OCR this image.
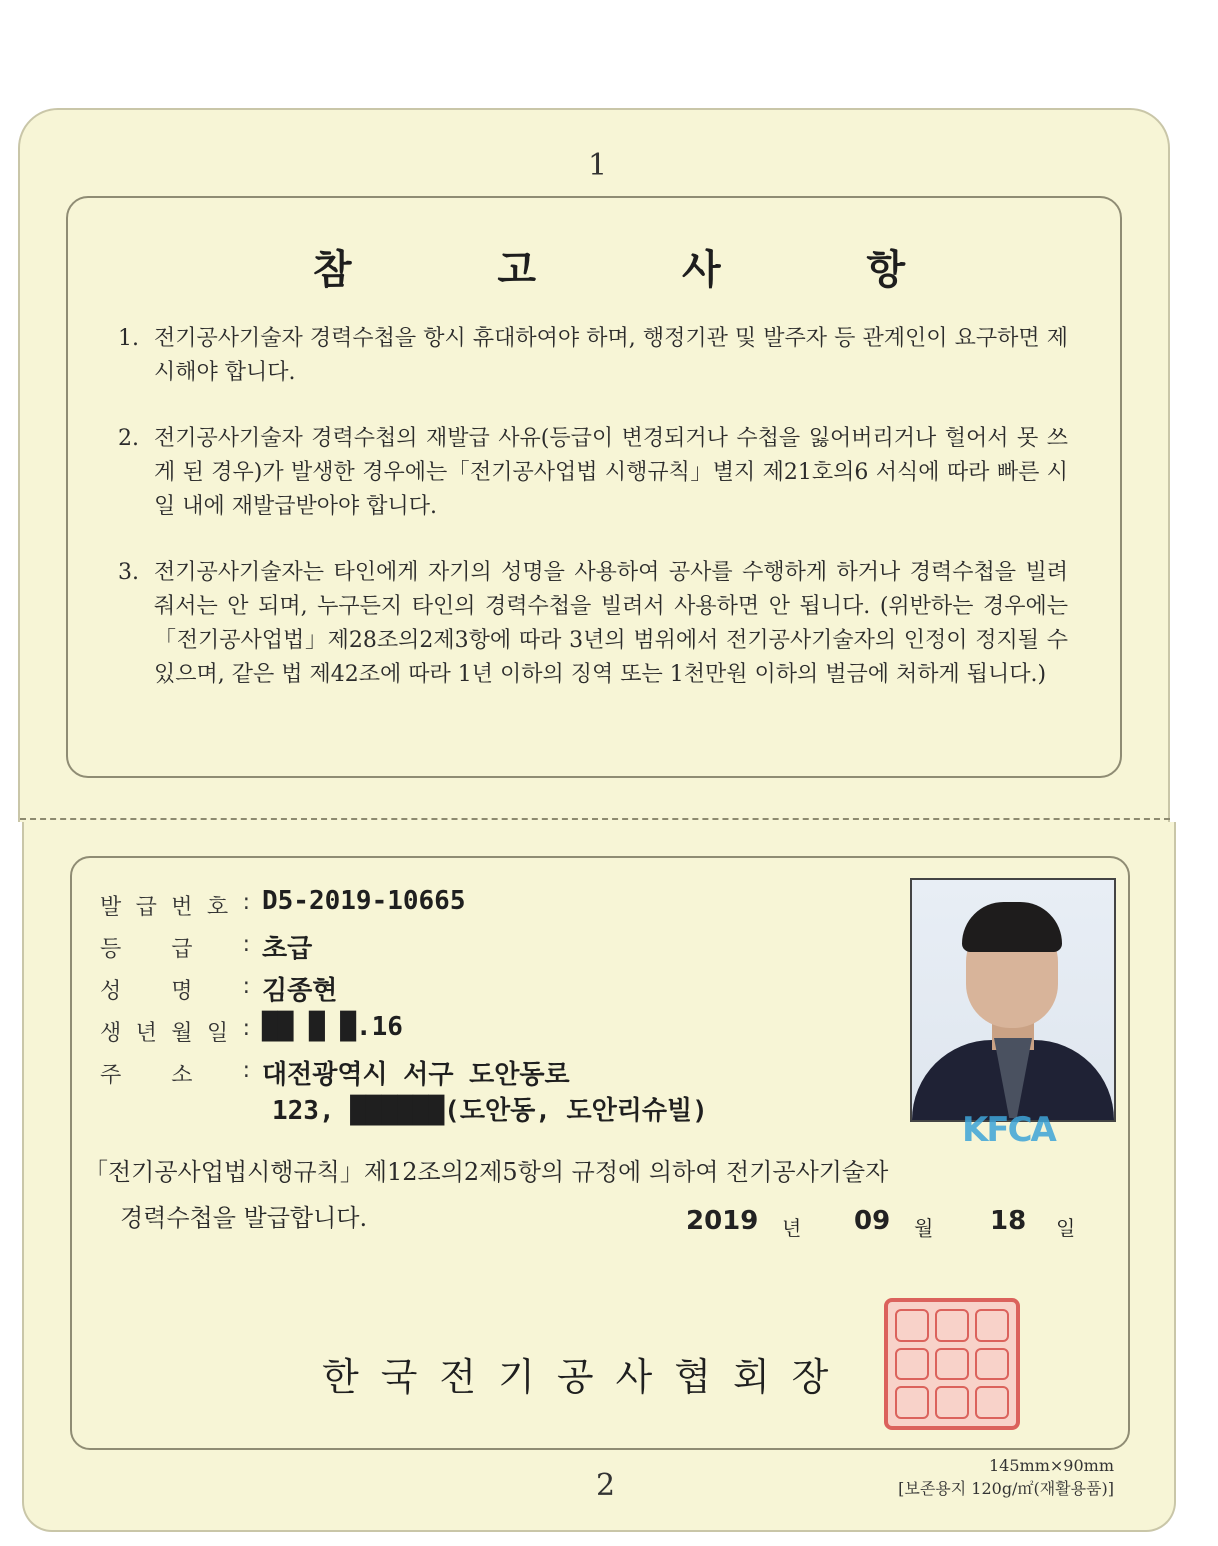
1
참 고 사 항
1. 전기공사기술자 경력수첩을 항시 휴대하여야 하며, 행정기관 및 발주자 등 관계인이 요구하면 제시해야 합니다.
2. 전기공사기술자 경력수첩의 재발급 사유(등급이 변경되거나 수첩을 잃어버리거나 헐어서 못 쓰게 된 경우)가 발생한 경우에는「전기공사업법 시행규칙」별지 제21호의6 서식에 따라 빠른 시일 내에 재발급받아야 합니다.
3. 전기공사기술자는 타인에게 자기의 성명을 사용하여 공사를 수행하게 하거나 경력수첩을 빌려 줘서는 안 되며, 누구든지 타인의 경력수첩을 빌려서 사용하면 안 됩니다. (위반하는 경우에는「전기공사업법」제28조의2제3항에 따라 3년의 범위에서 전기공사기술자의 인정이 정지될 수 있으며, 같은 법 제42조에 따라 1년 이하의 징역 또는 1천만원 이하의 벌금에 처하게 됩니다.)
발 급 번 호 : D5-2019-10665
등 급 : 초급
성 명 : 김종현
생 년 월 일 : ██ █ █.16
주 소 : 대전광역시 서구 도안동로
123, ██████(도안동, 도안리슈빌)	KFCA
「전기공사업법시행규칙」제12조의2제5항의 규정에 의하여 전기공사기술자
경력수첩을 발급합니다.	2019 년 09 월 18 일
한국전기공사협회장
2
145mm×90mm
[보존용지 120g/㎡(재활용품)]
